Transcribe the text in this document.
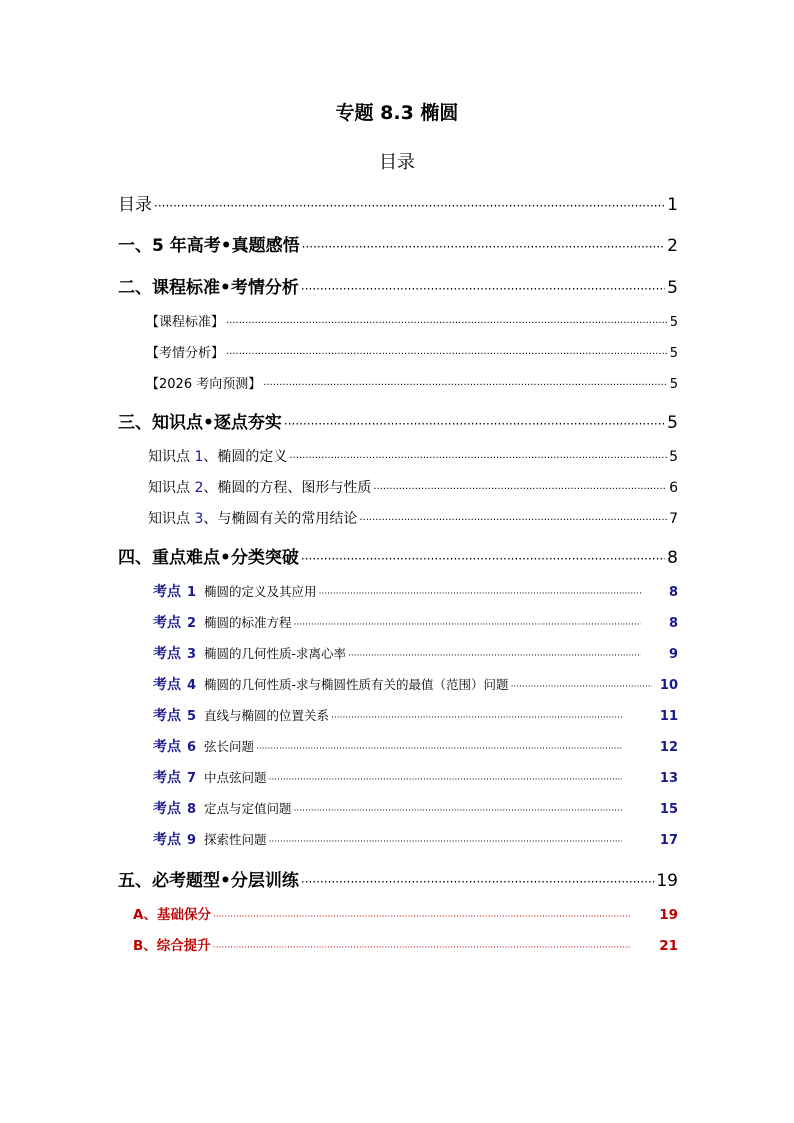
专题 8.3 椭圆
目录
目录 ·····	1
一、5 年高考•真题感悟 ·····	2
二、课程标准•考情分析 ·····	5
【课程标准】 ·····	5
【考情分析】 ·····	5
【2026 考向预测】 ·····	5
三、知识点•逐点夯实 ·····	5
知识点 1、椭圆的定义 ·····	5
知识点 2、椭圆的方程、图形与性质 ·····	6
知识点 3、与椭圆有关的常用结论 ·····	7
四、重点难点•分类突破 ·····	8
考点 1 椭圆的定义及其应用 ·····	8
考点 2 椭圆的标准方程 ·····	8
考点 3 椭圆的几何性质-求离心率 ·····	9
考点 4 椭圆的几何性质-求与椭圆性质有关的最值（范围）问题 ·····	10
考点 5 直线与椭圆的位置关系 ·····	11
考点 6 弦长问题 ·····	12
考点 7 中点弦问题 ·····	13
考点 8 定点与定值问题 ·····	15
考点 9 探索性问题 ·····	17
五、必考题型•分层训练 ·····	19
A、基础保分 ·····	19
B、综合提升 ·····	21
